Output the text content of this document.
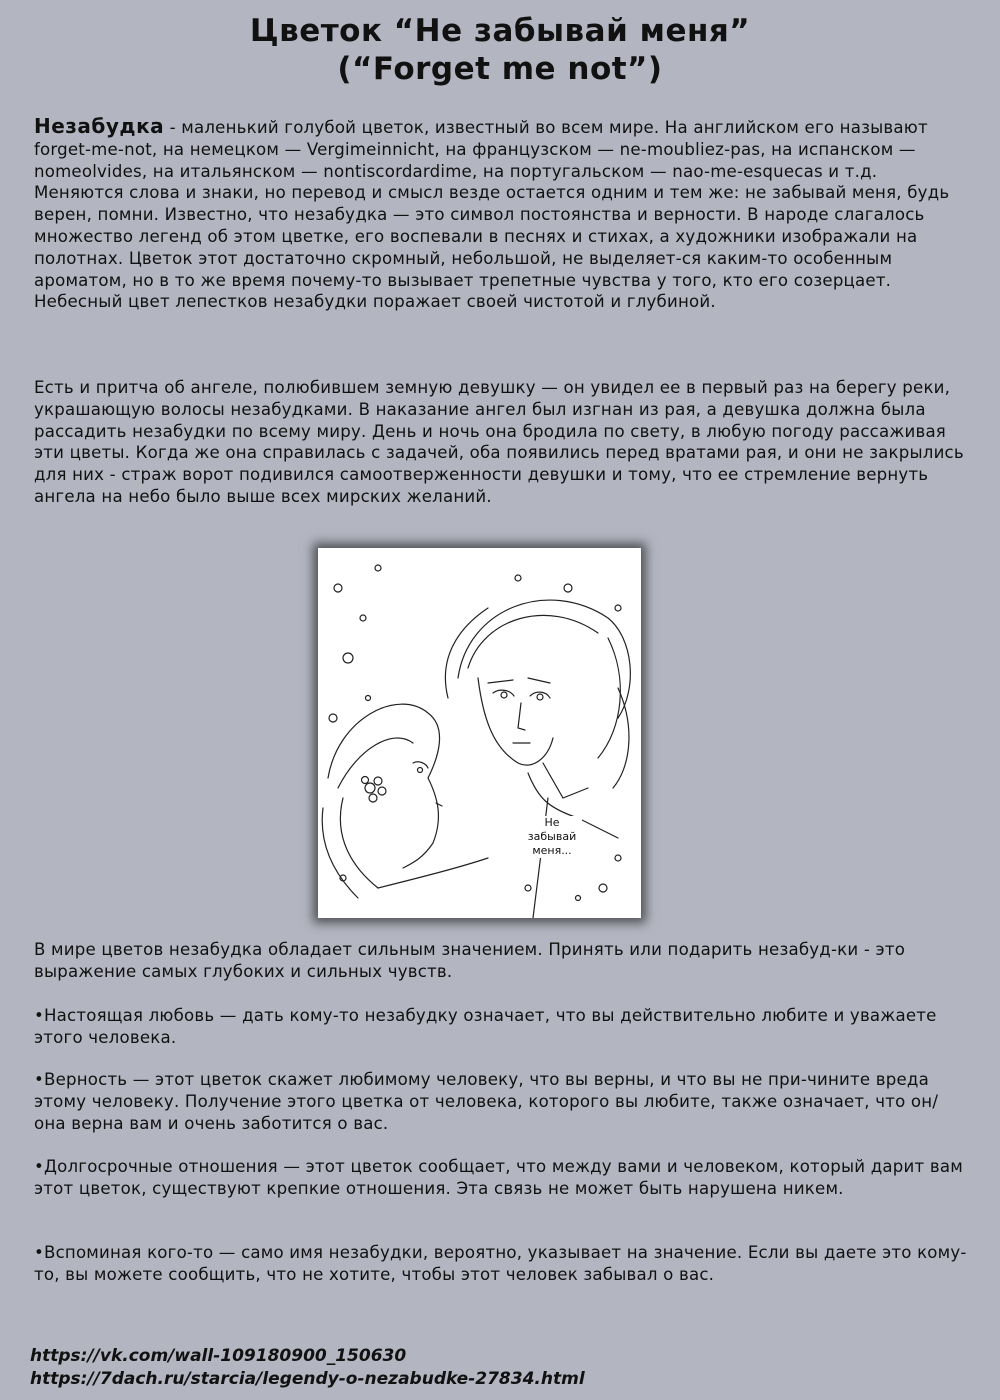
Цветок “Не забывай меня”
(“Forget me not”)

Незабудка - маленький голубой цветок, известный во всем мире. На английском его называют forget-me-not, на немецком — Vergimeinnicht, на французском — ne-moubliez-pas, на испанском — nomeolvides, на итальянском — nontiscordardime, на португальском — nao-me-esquecas и т.д. Меняются слова и знаки, но перевод и смысл везде остается одним и тем же: не забывай меня, будь верен, помни. Известно, что незабудка — это символ постоянства и верности. В народе слагалось множество легенд об этом цветке, его воспевали в песнях и стихах, а художники изображали на полотнах. Цветок этот достаточно скромный, небольшой, не выделяет-ся каким-то особенным ароматом, но в то же время почему-то вызывает трепетные чувства у того, кто его созерцает. Небесный цвет лепестков незабудки поражает своей чистотой и глубиной.

Есть и притча об ангеле, полюбившем земную девушку — он увидел ее в первый раз на берегу реки, украшающую волосы незабудками. В наказание ангел был изгнан из рая, а девушка должна была рассадить незабудки по всему миру. День и ночь она бродила по свету, в любую погоду рассаживая эти цветы. Когда же она справилась с задачей, оба появились перед вратами рая, и они не закрылись для них - страж ворот подивился самоотверженности девушки и тому, что ее стремление вернуть ангела на небо было выше всех мирских желаний.

Не забывай меня...

В мире цветов незабудка обладает сильным значением. Принять или подарить незабуд-ки - это выражение самых глубоких и сильных чувств.

•Настоящая любовь — дать кому-то незабудку означает, что вы действительно любите и уважаете этого человека.

•Верность — этот цветок скажет любимому человеку, что вы верны, и что вы не при-чините вреда этому человеку. Получение этого цветка от человека, которого вы любите, также означает, что он/она верна вам и очень заботится о вас.

•Долгосрочные отношения — этот цветок сообщает, что между вами и человеком, который дарит вам этот цветок, существуют крепкие отношения. Эта связь не может быть нарушена никем.

•Вспоминая кого-то — само имя незабудки, вероятно, указывает на значение. Если вы даете это кому-то, вы можете сообщить, что не хотите, чтобы этот человек забывал о вас.

https://vk.com/wall-109180900_150630
https://7dach.ru/starcia/legendy-o-nezabudke-27834.html
